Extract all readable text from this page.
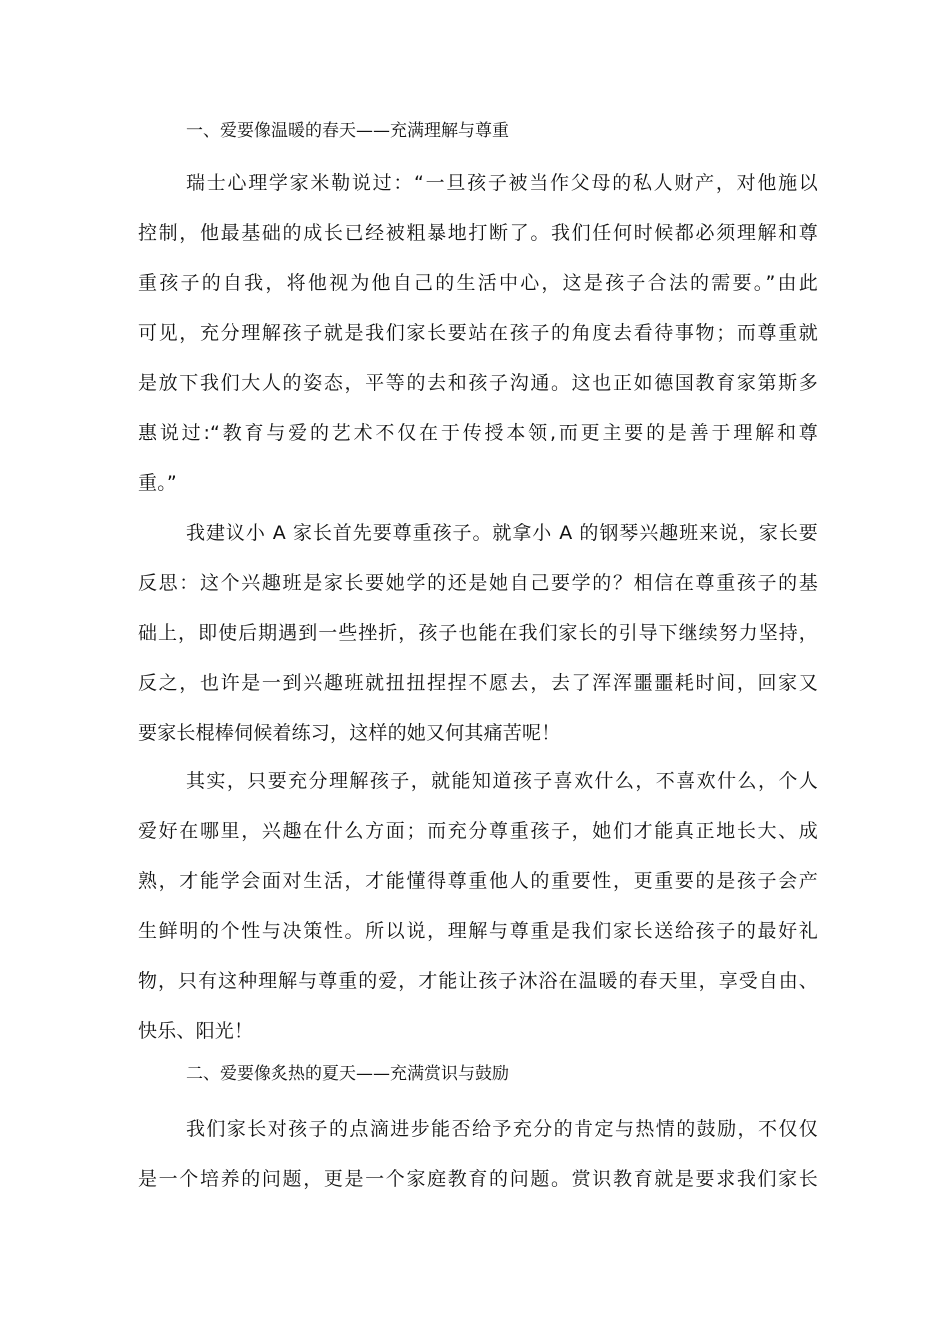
一、爱要像温暖的春天——充满理解与尊重
瑞士心理学家米勒说过：“一旦孩子被当作父母的私人财产，对他施以
控制，他最基础的成长已经被粗暴地打断了。我们任何时候都必须理解和尊
重孩子的自我，将他视为他自己的生活中心，这是孩子合法的需要。”由此
可见，充分理解孩子就是我们家长要站在孩子的角度去看待事物；而尊重就
是放下我们大人的姿态，平等的去和孩子沟通。这也正如德国教育家第斯多
惠说过:“教育与爱的艺术不仅在于传授本领,而更主要的是善于理解和尊
重。”
我建议小 A 家长首先要尊重孩子。就拿小 A 的钢琴兴趣班来说，家长要
反思：这个兴趣班是家长要她学的还是她自己要学的？相信在尊重孩子的基
础上，即使后期遇到一些挫折，孩子也能在我们家长的引导下继续努力坚持，
反之，也许是一到兴趣班就扭扭捏捏不愿去，去了浑浑噩噩耗时间，回家又
要家长棍棒伺候着练习，这样的她又何其痛苦呢！
其实，只要充分理解孩子，就能知道孩子喜欢什么，不喜欢什么，个人
爱好在哪里，兴趣在什么方面；而充分尊重孩子，她们才能真正地长大、成
熟，才能学会面对生活，才能懂得尊重他人的重要性，更重要的是孩子会产
生鲜明的个性与决策性。所以说，理解与尊重是我们家长送给孩子的最好礼
物，只有这种理解与尊重的爱，才能让孩子沐浴在温暖的春天里，享受自由、
快乐、阳光！
二、爱要像炙热的夏天——充满赏识与鼓励
我们家长对孩子的点滴进步能否给予充分的肯定与热情的鼓励，不仅仅
是一个培养的问题，更是一个家庭教育的问题。赏识教育就是要求我们家长
